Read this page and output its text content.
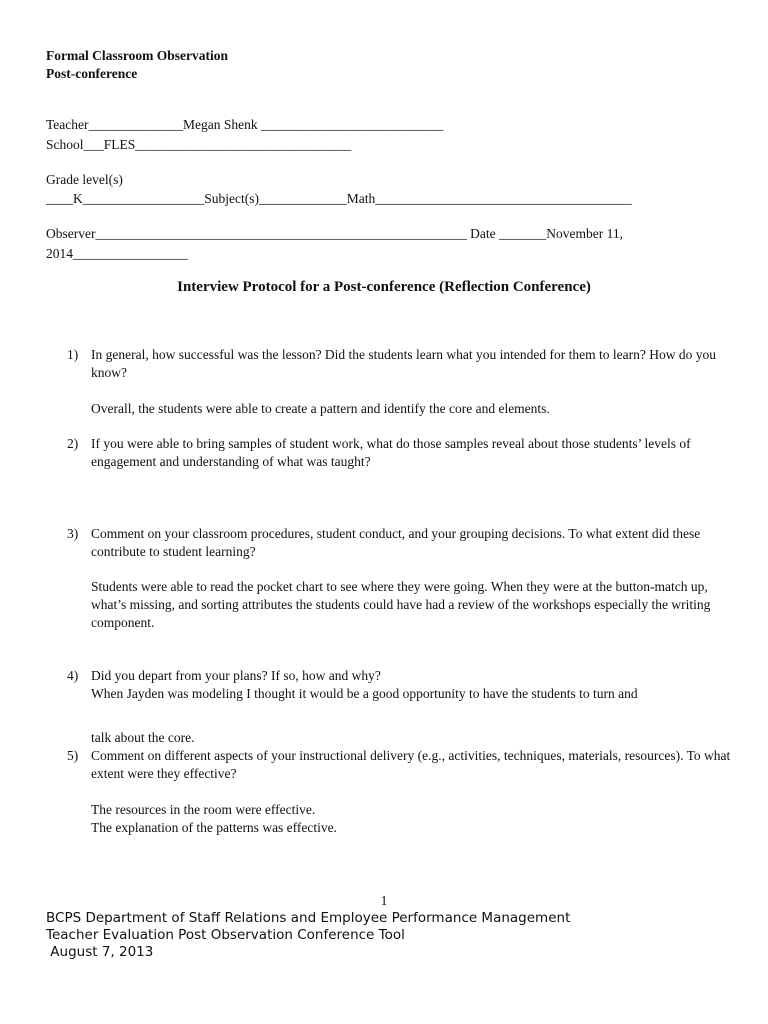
Formal Classroom Observation
Post-conference
Teacher______________Megan Shenk ___________________________
School___FLES________________________________
Grade level(s)
____K__________________Subject(s)_____________Math______________________________________
Observer_______________________________________________________ Date _______November 11,
2014_________________
Interview Protocol for a Post-conference (Reflection Conference)
1) In general, how successful was the lesson? Did the students learn what you intended for them to learn? How do you know?
Overall, the students were able to create a pattern and identify the core and elements.
2) If you were able to bring samples of student work, what do those samples reveal about those students’ levels of engagement and understanding of what was taught?
3) Comment on your classroom procedures, student conduct, and your grouping decisions. To what extent did these contribute to student learning?
Students were able to read the pocket chart to see where they were going. When they were at the button-match up, what’s missing, and sorting attributes the students could have had a review of the workshops especially the writing component.
4) Did you depart from your plans? If so, how and why?
When Jayden was modeling I thought it would be a good opportunity to have the students to turn and
talk about the core.
5) Comment on different aspects of your instructional delivery (e.g., activities, techniques, materials, resources). To what extent were they effective?
The resources in the room were effective.
The explanation of the patterns was effective.
1
BCPS Department of Staff Relations and Employee Performance Management
Teacher Evaluation Post Observation Conference Tool
August 7, 2013
